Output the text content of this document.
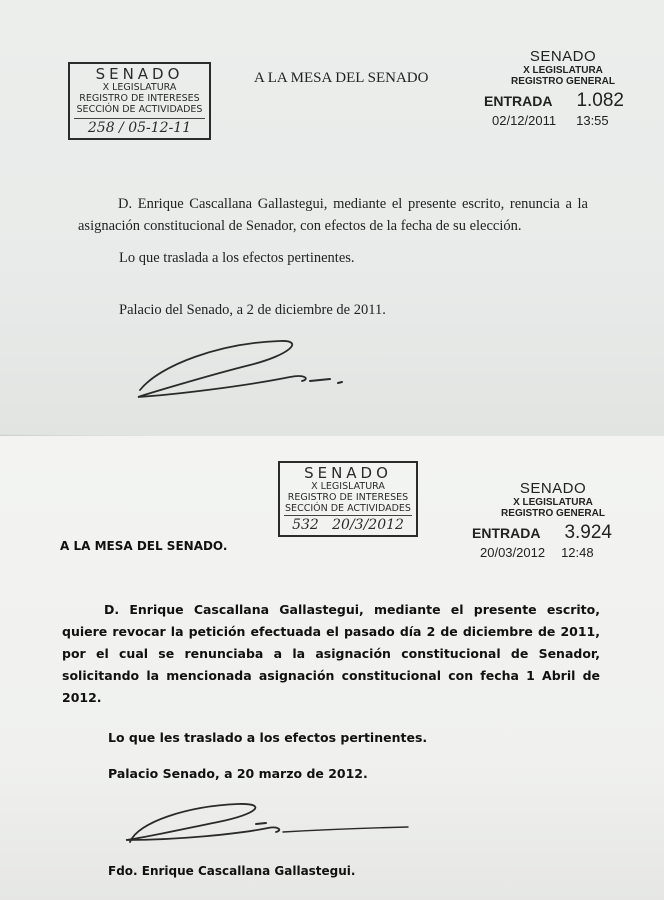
SENADO
X LEGISLATURA
REGISTRO DE INTERESES
SECCIÓN DE ACTIVIDADES
258 / 05-12-11
A LA MESA DEL SENADO
SENADO
X LEGISLATURA
REGISTRO GENERAL
ENTRADA 1.082
02/12/2011 13:55
D. Enrique Cascallana Gallastegui, mediante el presente escrito, renuncia a la asignación constitucional de Senador, con efectos de la fecha de su elección.
Lo que traslada a los efectos pertinentes.
Palacio del Senado, a 2 de diciembre de 2011.
SENADO
X LEGISLATURA
REGISTRO DE INTERESES
SECCIÓN DE ACTIVIDADES
532   20/3/2012
SENADO
X LEGISLATURA
REGISTRO GENERAL
ENTRADA 3.924
20/03/2012 12:48
A LA MESA DEL SENADO.
D. Enrique Cascallana Gallastegui, mediante el presente escrito, quiere revocar la petición efectuada el pasado día 2 de diciembre de 2011, por el cual se renunciaba a la asignación constitucional de Senador, solicitando la mencionada asignación constitucional con fecha 1 Abril de 2012.
Lo que les traslado a los efectos pertinentes.
Palacio Senado, a 20 marzo de 2012.
Fdo. Enrique Cascallana Gallastegui.
